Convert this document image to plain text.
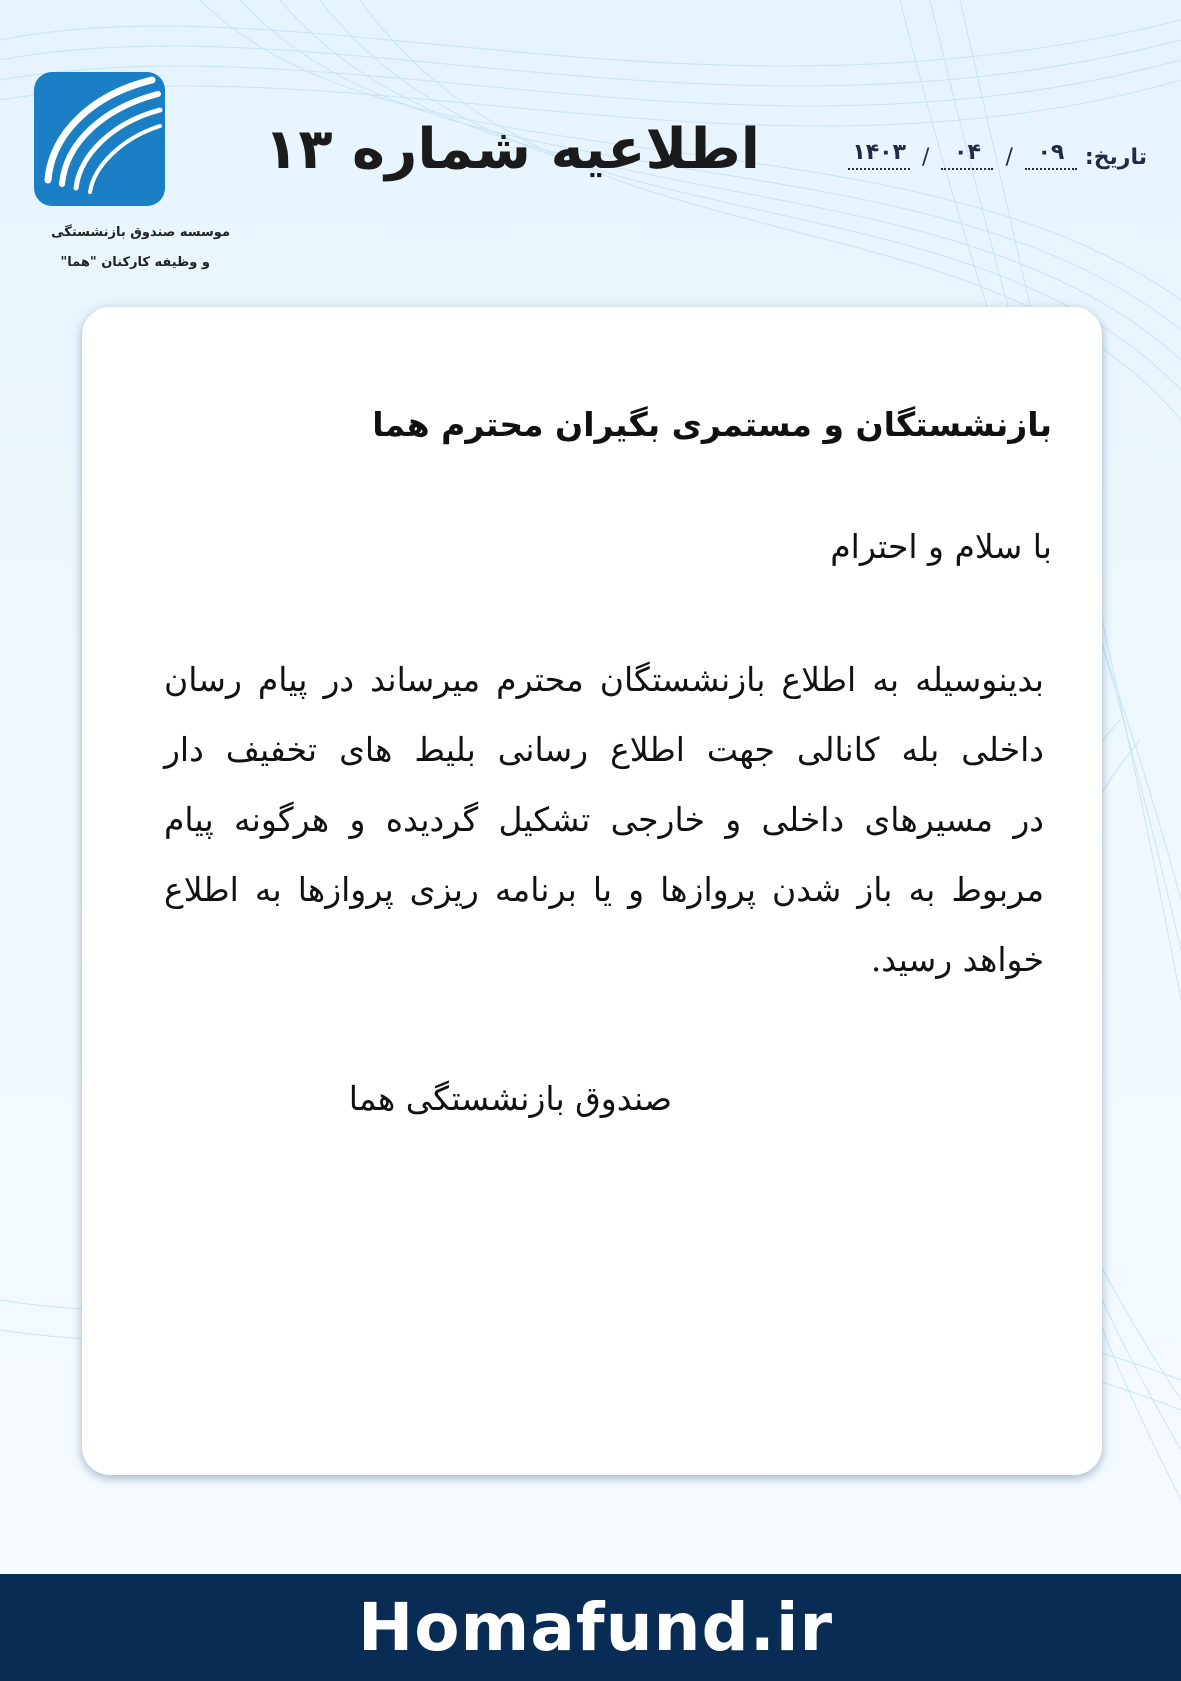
موسسه صندوق بازنشستگی
و وظیفه کارکنان "هما"
اطلاعیه شماره ۱۳	تاریخ:
۰۹
/
۰۴
/
۱۴۰۳
بازنشستگان و مستمری بگیران محترم هما
با سلام و احترام
بدینوسیله به اطلاع بازنشستگان محترم میرساند در پیام رسان
داخلی بله کانالی جهت اطلاع رسانی بلیط های تخفیف دار
در مسیرهای داخلی و خارجی تشکیل گردیده و هرگونه پیام
مربوط به باز شدن پروازها و یا برنامه ریزی پروازها به اطلاع
خواهد رسید.
صندوق بازنشستگی هما
Homafund.ir
